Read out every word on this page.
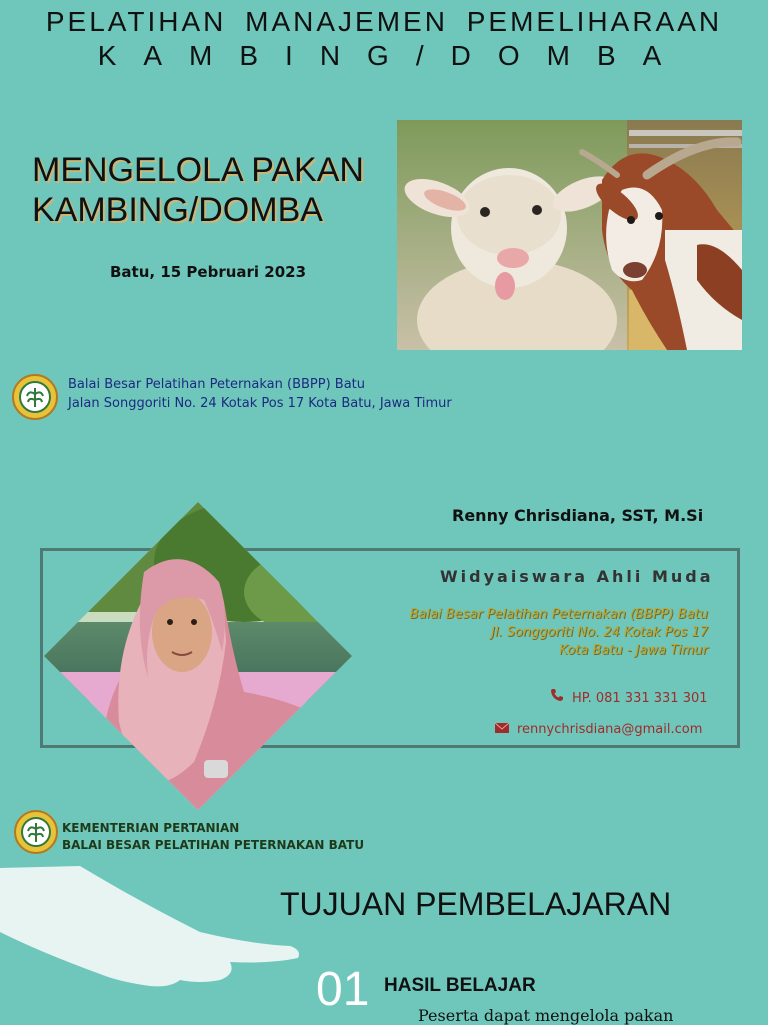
PELATIHAN MANAJEMEN PEMELIHARAAN
KAMBING/DOMBA
MENGELOLA PAKAN
KAMBING/DOMBA
Batu, 15 Pebruari 2023
Balai Besar Pelatihan Peternakan (BBPP) Batu
Jalan Songgoriti No. 24 Kotak Pos 17 Kota Batu, Jawa Timur
Renny Chrisdiana, SST, M.Si
Widyaiswara Ahli Muda
Balai Besar Pelatihan Peternakan (BBPP) Batu
Jl. Songgoriti No. 24 Kotak Pos 17
Kota Batu - Jawa Timur
HP. 081 331 331 301
rennychrisdiana@gmail.com
KEMENTERIAN PERTANIAN
BALAI BESAR PELATIHAN PETERNAKAN BATU
TUJUAN PEMBELAJARAN
01 HASIL BELAJAR
Peserta dapat mengelola pakan
